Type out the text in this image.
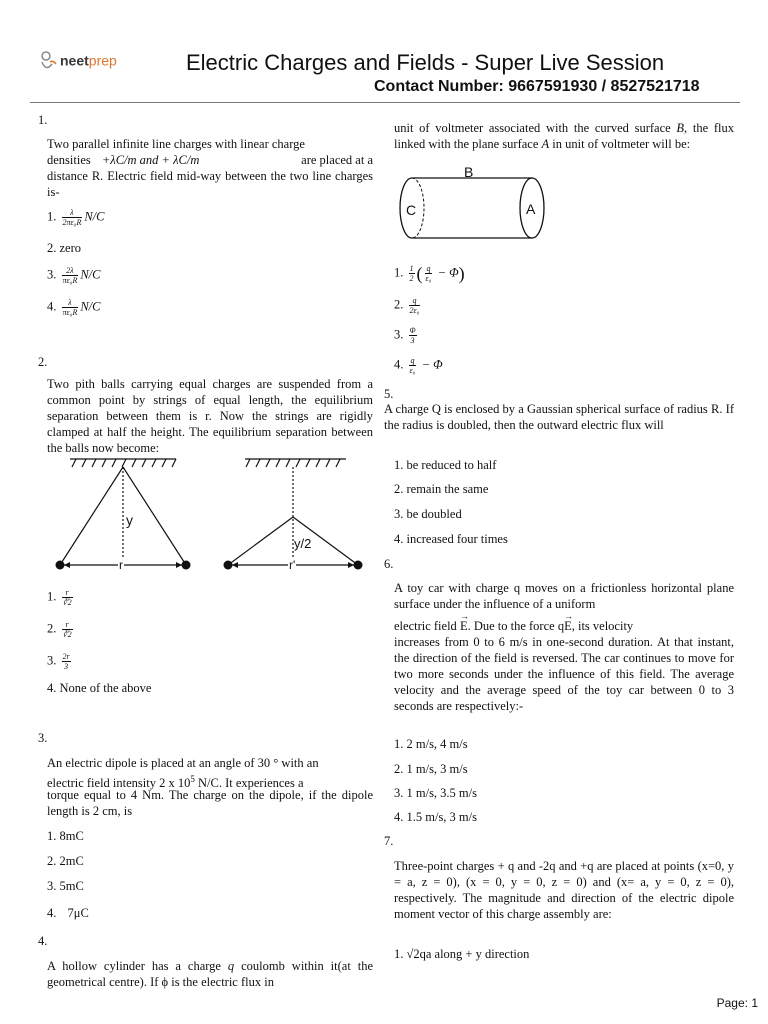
neetprep	Electric Charges and Fields - Super Live Session
Contact Number: 9667591930 / 8527521718
1.
Two parallel infinite line charges with linear charge
densities +λC/m and + λC/m	are placed at a
distance R. Electric field mid-way between the two line charges is-
1. $\frac{\lambda}{\text{2πε₀R}} N/C$
2. zero
3. $\frac{2\lambda}{\text{πε₀R}} N/C$
4. $\frac{\lambda}{\text{πε₀R}} N/C$
2.
Two pith balls carrying equal charges are suspended from a common point by strings of equal length, the equilibrium separation between them is r. Now the strings are rigidly clamped at half the height. The equilibrium separation between the balls now become:
y
r
y/2
r'
1. $\frac{r}{∛2}$
2. $\frac{r}{∛2}$
3. $\frac{2r}{3}$
4. None of the above
3.
An electric dipole is placed at an angle of 30 ° with an
electric field intensity 2 x $10^5$ N/C. It experiences a
torque equal to 4 Nm. The charge on the dipole, if the dipole length is 2 cm, is
1. 8mC
2. 2mC
3. 5mC
4. 7μC
4.
A hollow cylinder has a charge q coulomb within it(at the geometrical centre). If ϕ is the electric flux in
unit of voltmeter associated with the curved surface B, the flux linked with the plane surface A in unit of voltmeter will be:
B
C	A
1. $\frac{1}{2}$ ( $\frac{q}{\text{ε₀}} - \Phi$)
2. $\frac{q}{\text{2ε₀}}$
3. $\frac{\Phi}{3}$
4. $\frac{q}{\text{ε₀}} - \Phi$
5.
A charge Q is enclosed by a Gaussian spherical surface of radius R. If the radius is doubled, then the outward electric flux will
1. be reduced to half
2. remain the same
3. be doubled
4. increased four times
6.
A toy car with charge q moves on a frictionless horizontal plane surface under the influence of a uniform
electric field
→
E. Due to the force q
→
E, its velocity
increases from 0 to 6 m/s in one-second duration. At that instant, the direction of the field is reversed. The car continues to move for two more seconds under the influence of this field. The average velocity and the average speed of the toy car between 0 to 3 seconds are respectively:-
1. 2 m/s, 4 m/s
2. 1 m/s, 3 m/s
3. 1 m/s, 3.5 m/s
4. 1.5 m/s, 3 m/s
7.
Three-point charges + q and -2q and +q are placed at points (x=0, y = a, z = 0), (x = 0, y = 0, z = 0) and (x= a, y = 0, z = 0), respectively. The magnitude and direction of the electric dipole moment vector of this charge assembly are:
1. √2qa along + y direction
Page: 1
